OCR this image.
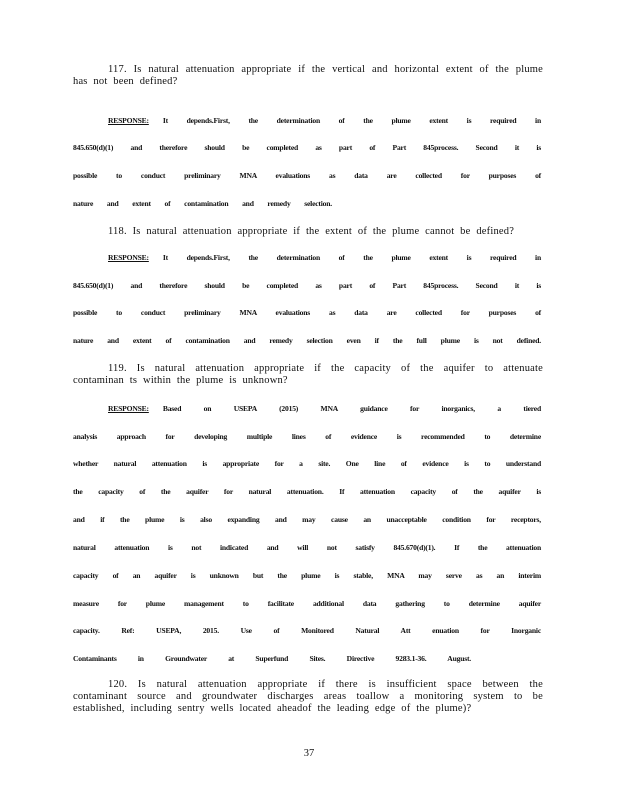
117. Is natural attenuation appropriate if the vertical and horizontal extent of the plume has not been defined?

RESPONSE:	It depends.First, the determination of the plume extent is required in
845.650(d)(1) and therefore should be completed as part of Part 845process. Second it is
possible to conduct preliminary MNA evaluations as data are collected for purposes of
nature and extent of contamination and remedy selection.

118. Is natural attenuation appropriate if the extent of the plume cannot be defined?

RESPONSE:	It depends.First, the determination of the plume extent is required in
845.650(d)(1) and therefore should be completed as part of Part 845process. Second it is
possible to conduct preliminary MNA evaluations as data are collected for purposes of
nature and extent of contamination and remedy selection even if the full plume is not defined.

119. Is natural attenuation appropriate if the capacity of the aquifer to attenuate contaminan ts within the plume is unknown?

RESPONSE:	Based on USEPA (2015) MNA guidance for inorganics, a tiered
analysis approach for developing multiple lines of evidence is recommended to determine
whether natural attenuation is appropriate for a site. One line of evidence is to understand
the capacity of the aquifer for natural attenuation. If attenuation capacity of the aquifer is
and if the plume is also expanding and may cause an unacceptable condition for receptors,
natural attenuation is not indicated and will not satisfy 845.670(d)(1). If the attenuation
capacity of an aquifer is unknown but the plume is stable, MNA may serve as an interim
measure for plume management to facilitate additional data gathering to determine aquifer
capacity. Ref: USEPA, 2015. Use of Monitored Natural Att enuation for Inorganic
Contaminants in Groundwater at Superfund Sites. Directive 9283.1-36. August.

120. Is natural attenuation appropriate if there is insufficient space between the contaminant source and groundwater discharges areas toallow a monitoring system to be established, including sentry wells located aheadof the leading edge of the plume)?

37
